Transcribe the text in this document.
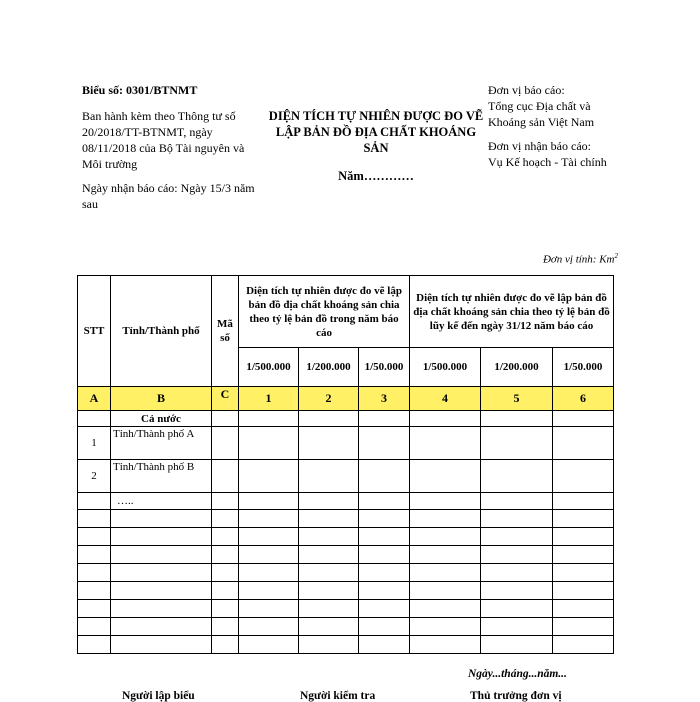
Biểu số: 0301/BTNMT

Ban hành kèm theo Thông tư số 20/2018/TT-BTNMT, ngày 08/11/2018 của Bộ Tài nguyên và Môi trường

Ngày nhận báo cáo: Ngày 15/3 năm sau

DIỆN TÍCH TỰ NHIÊN ĐƯỢC ĐO VẼ LẬP BẢN ĐỒ ĐỊA CHẤT KHOÁNG SẢN
Năm…………

Đơn vị báo cáo:

Tổng cục Địa chất và Khoáng sản Việt Nam

Đơn vị nhận báo cáo:

Vụ Kế hoạch - Tài chính

Đơn vị tính: Km$^2$
STT	Tỉnh/Thành phố	Mã số	Diện tích tự nhiên được đo vẽ lập bản đồ địa chất khoáng sản chia theo tỷ lệ bản đồ trong năm báo cáo			Diện tích tự nhiên được đo vẽ lập bản đồ địa chất khoáng sản chia theo tỷ lệ bản đồ lũy kế đến ngày 31/12 năm báo cáo		
			1/500.000	1/200.000	1/50.000	1/500.000	1/200.000	1/50.000
A	B	C	1	2	3	4	5	6
	Cả nước							
1	Tỉnh/Thành phố A							
2	Tỉnh/Thành phố B							
	…..							

Ngày...tháng...năm...
Người lập biểu	Người kiểm tra	Thủ trưởng đơn vị
